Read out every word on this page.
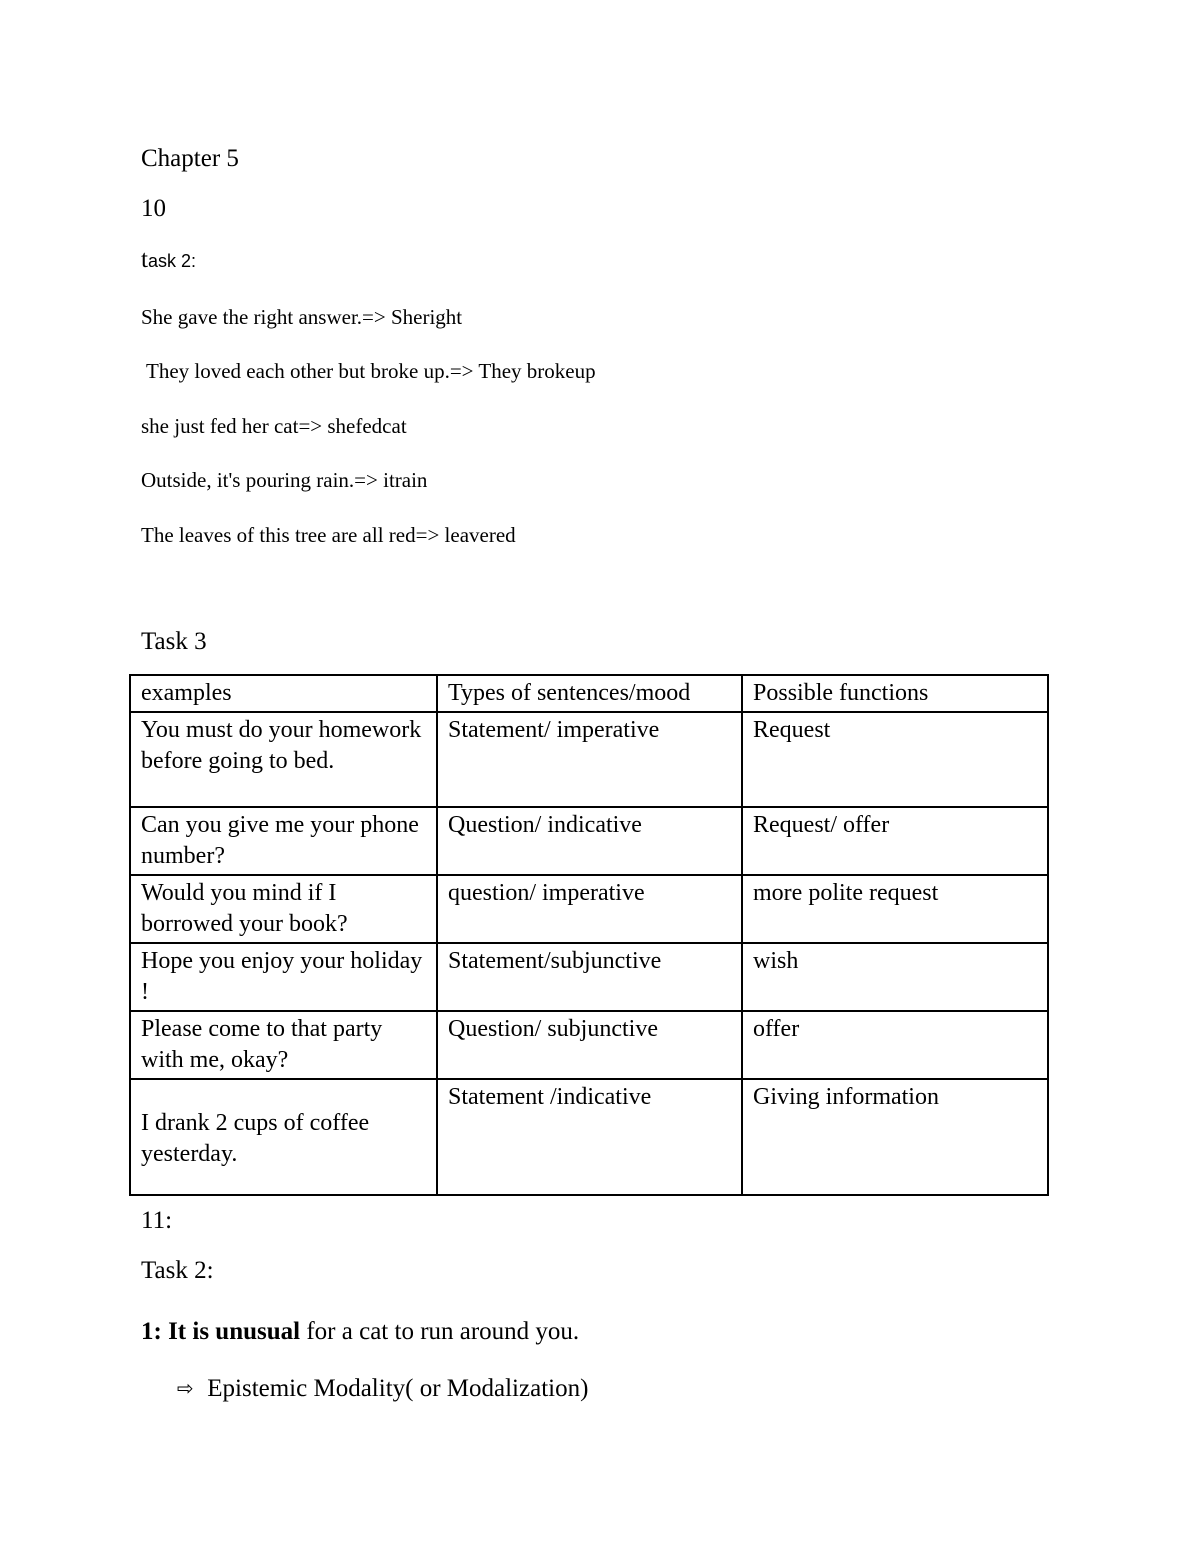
Chapter 5
10
task 2:
She gave the right answer.=> Sheright
They loved each other but broke up.=> They brokeup
she just fed her cat=> shefedcat
Outside, it's pouring rain.=> itrain
The leaves of this tree are all red=> leavered
Task 3
examples	Types of sentences/mood	Possible functions
You must do your homework before going to bed.	Statement/ imperative	Request
Can you give me your phone number?	Question/ indicative	Request/ offer
Would you mind if I borrowed your book?	question/ imperative	more polite request
Hope you enjoy your holiday !	Statement/subjunctive	wish
Please come to that party with me, okay?	Question/ subjunctive	offer
I drank 2 cups of coffee yesterday.	Statement /indicative	Giving information
11:
Task 2:
1: It is unusual for a cat to run around you.
⇨ Epistemic Modality( or Modalization)
